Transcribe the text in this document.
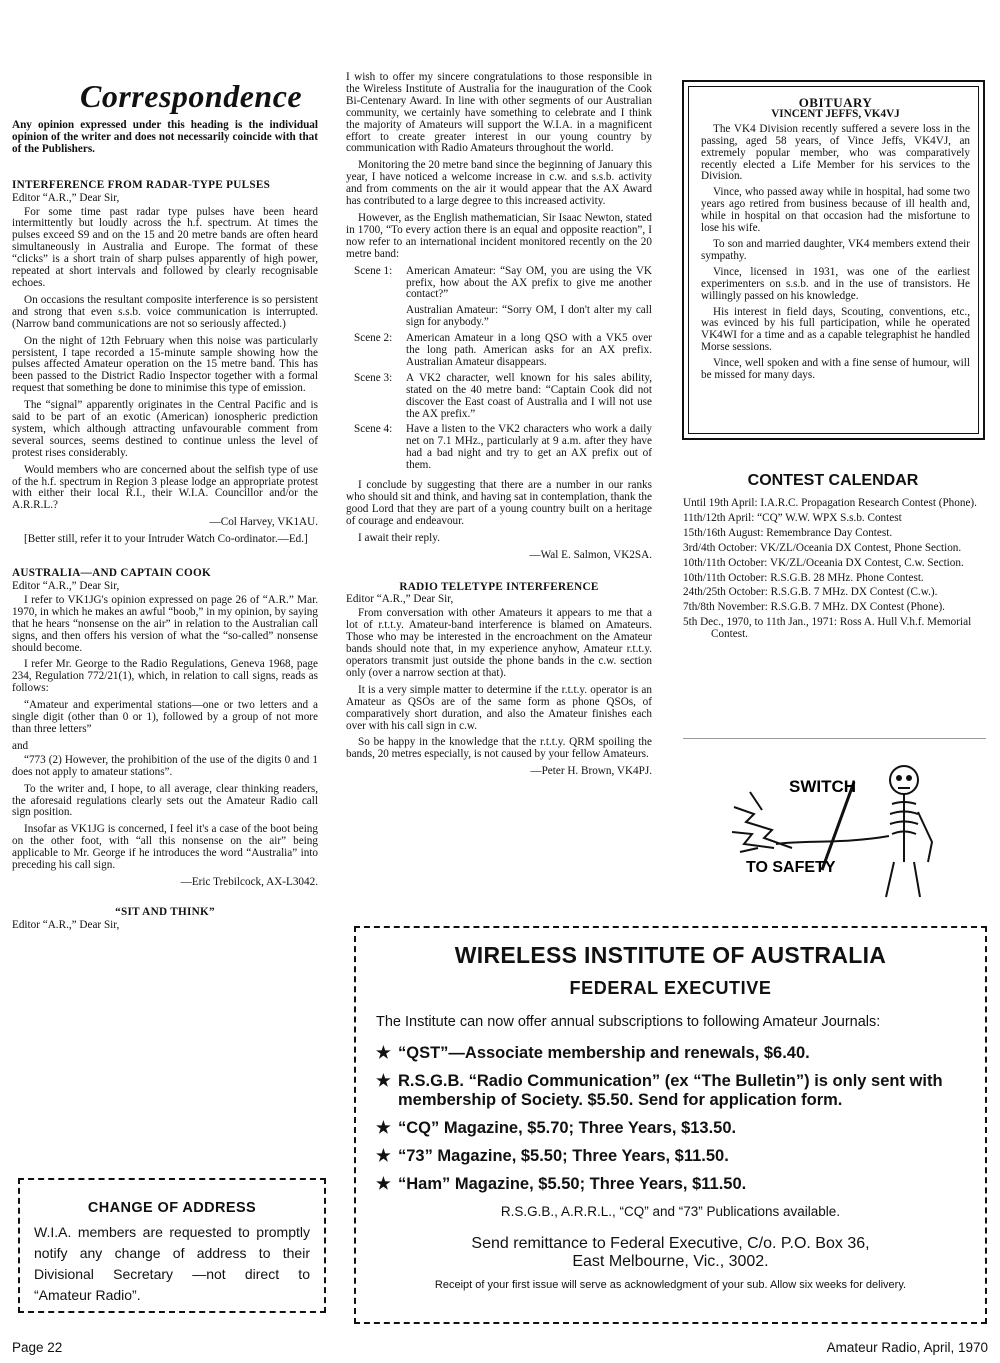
Correspondence

Any opinion expressed under this heading is the individual opinion of the writer and does not necessarily coincide with that of the Publishers.

INTERFERENCE FROM RADAR-TYPE PULSES

Editor “A.R.,” Dear Sir,

For some time past radar type pulses have been heard intermittently but loudly across the h.f. spectrum. At times the pulses exceed S9 and on the 15 and 20 metre bands are often heard simultaneously in Australia and Europe. The format of these “clicks” is a short train of sharp pulses apparently of high power, repeated at short intervals and followed by clearly recognisable echoes.

On occasions the resultant composite interference is so persistent and strong that even s.s.b. voice communication is interrupted. (Narrow band communications are not so seriously affected.)

On the night of 12th February when this noise was particularly persistent, I tape recorded a 15-minute sample showing how the pulses affected Amateur operation on the 15 metre band. This has been passed to the District Radio Inspector together with a formal request that something be done to minimise this type of emission.

The “signal” apparently originates in the Central Pacific and is said to be part of an exotic (American) ionospheric prediction system, which although attracting unfavourable comment from several sources, seems destined to continue unless the level of protest rises considerably.

Would members who are concerned about the selfish type of use of the h.f. spectrum in Region 3 please lodge an appropriate protest with either their local R.I., their W.I.A. Councillor and/or the A.R.R.L.?

—Col Harvey, VK1AU.

[Better still, refer it to your Intruder Watch Co-ordinator.—Ed.]

AUSTRALIA—AND CAPTAIN COOK

Editor “A.R.,” Dear Sir,

I refer to VK1JG's opinion expressed on page 26 of “A.R.” Mar. 1970, in which he makes an awful “boob,” in my opinion, by saying that he hears “nonsense on the air” in relation to the Australian call signs, and then offers his version of what the “so-called” nonsense should become.

I refer Mr. George to the Radio Regulations, Geneva 1968, page 234, Regulation 772/21(1), which, in relation to call signs, reads as follows:

“Amateur and experimental stations—one or two letters and a single digit (other than 0 or 1), followed by a group of not more than three letters”

and

“773 (2) However, the prohibition of the use of the digits 0 and 1 does not apply to amateur stations”.

To the writer and, I hope, to all average, clear thinking readers, the aforesaid regulations clearly sets out the Amateur Radio call sign position.

Insofar as VK1JG is concerned, I feel it's a case of the boot being on the other foot, with “all this nonsense on the air” being applicable to Mr. George if he introduces the word “Australia” into preceding his call sign.

—Eric Trebilcock, AX-L3042.
“SIT AND THINK”

Editor “A.R.,” Dear Sir,

CHANGE OF ADDRESS
W.I.A. members are requested to promptly notify any change of address to their Divisional Secretary —not direct to “Amateur Radio”.

I wish to offer my sincere congratulations to those responsible in the Wireless Institute of Australia for the inauguration of the Cook Bi-Centenary Award. In line with other segments of our Australian community, we certainly have something to celebrate and I think the majority of Amateurs will support the W.I.A. in a magnificent effort to create greater interest in our young country by communication with Radio Amateurs throughout the world.

Monitoring the 20 metre band since the beginning of January this year, I have noticed a welcome increase in c.w. and s.s.b. activity and from comments on the air it would appear that the AX Award has contributed to a large degree to this increased activity.

However, as the English mathematician, Sir Isaac Newton, stated in 1700, “To every action there is an equal and opposite reaction”, I now refer to an international incident monitored recently on the 20 metre band:

Scene 1:	American Amateur: “Say OM, you are using the VK prefix, how about the AX prefix to give me another contact?”
Australian Amateur: “Sorry OM, I don't alter my call sign for anybody.”
Scene 2:	American Amateur in a long QSO with a VK5 over the long path. American asks for an AX prefix. Australian Amateur disappears.
Scene 3:	A VK2 character, well known for his sales ability, stated on the 40 metre band: “Captain Cook did not discover the East coast of Australia and I will not use the AX prefix.”
Scene 4:	Have a listen to the VK2 characters who work a daily net on 7.1 MHz., particularly at 9 a.m. after they have had a bad night and try to get an AX prefix out of them.

I conclude by suggesting that there are a number in our ranks who should sit and think, and having sat in contemplation, thank the good Lord that they are part of a young country built on a heritage of courage and endeavour.

I await their reply.

—Wal E. Salmon, VK2SA.
RADIO TELETYPE INTERFERENCE

Editor “A.R.,” Dear Sir,

From conversation with other Amateurs it appears to me that a lot of r.t.t.y. Amateur-band interference is blamed on Amateurs. Those who may be interested in the encroachment on the Amateur bands should note that, in my experience anyhow, Amateur r.t.t.y. operators transmit just outside the phone bands in the c.w. section only (over a narrow section at that).

It is a very simple matter to determine if the r.t.t.y. operator is an Amateur as QSOs are of the same form as phone QSOs, of comparatively short duration, and also the Amateur finishes each over with his call sign in c.w.

So be happy in the knowledge that the r.t.t.y. QRM spoiling the bands, 20 metres especially, is not caused by your fellow Amateurs.

—Peter H. Brown, VK4PJ.
OBITUARY
VINCENT JEFFS, VK4VJ

The VK4 Division recently suffered a severe loss in the passing, aged 58 years, of Vince Jeffs, VK4VJ, an extremely popular member, who was comparatively recently elected a Life Member for his services to the Division.

Vince, who passed away while in hospital, had some two years ago retired from business because of ill health and, while in hospital on that occasion had the misfortune to lose his wife.

To son and married daughter, VK4 members extend their sympathy.

Vince, licensed in 1931, was one of the earliest experimenters on s.s.b. and in the use of transistors. He willingly passed on his knowledge.

His interest in field days, Scouting, conventions, etc., was evinced by his full participation, while he operated VK4WI for a time and as a capable telegraphist he handled Morse sessions.

Vince, well spoken and with a fine sense of humour, will be missed for many days.

CONTEST CALENDAR
Until 19th April: I.A.R.C. Propagation Research Contest (Phone).
11th/12th April: “CQ” W.W. WPX S.s.b. Contest
15th/16th August: Remembrance Day Contest.
3rd/4th October: VK/ZL/Oceania DX Contest, Phone Section.
10th/11th October: VK/ZL/Oceania DX Contest, C.w. Section.
10th/11th October: R.S.G.B. 28 MHz. Phone Contest.
24th/25th October: R.S.G.B. 7 MHz. DX Contest (C.w.).
7th/8th November: R.S.G.B. 7 MHz. DX Contest (Phone).
5th Dec., 1970, to 11th Jan., 1971: Ross A. Hull V.h.f. Memorial Contest.
SWITCH
TO SAFETY
WIRELESS INSTITUTE OF AUSTRALIA
FEDERAL EXECUTIVE
The Institute can now offer annual subscriptions to following Amateur Journals:
★ “QST”—Associate membership and renewals, $6.40.
★ R.S.G.B. “Radio Communication” (ex “The Bulletin”) is only sent with membership of Society. $5.50. Send for application form.
★ “CQ” Magazine, $5.70; Three Years, $13.50.
★ “73” Magazine, $5.50; Three Years, $11.50.
★ “Ham” Magazine, $5.50; Three Years, $11.50.
R.S.G.B., A.R.R.L., “CQ” and “73” Publications available.
Send remittance to Federal Executive, C/o. P.O. Box 36,
East Melbourne, Vic., 3002.
Receipt of your first issue will serve as acknowledgment of your sub. Allow six weeks for delivery.
Page 22	Amateur Radio, April, 1970
